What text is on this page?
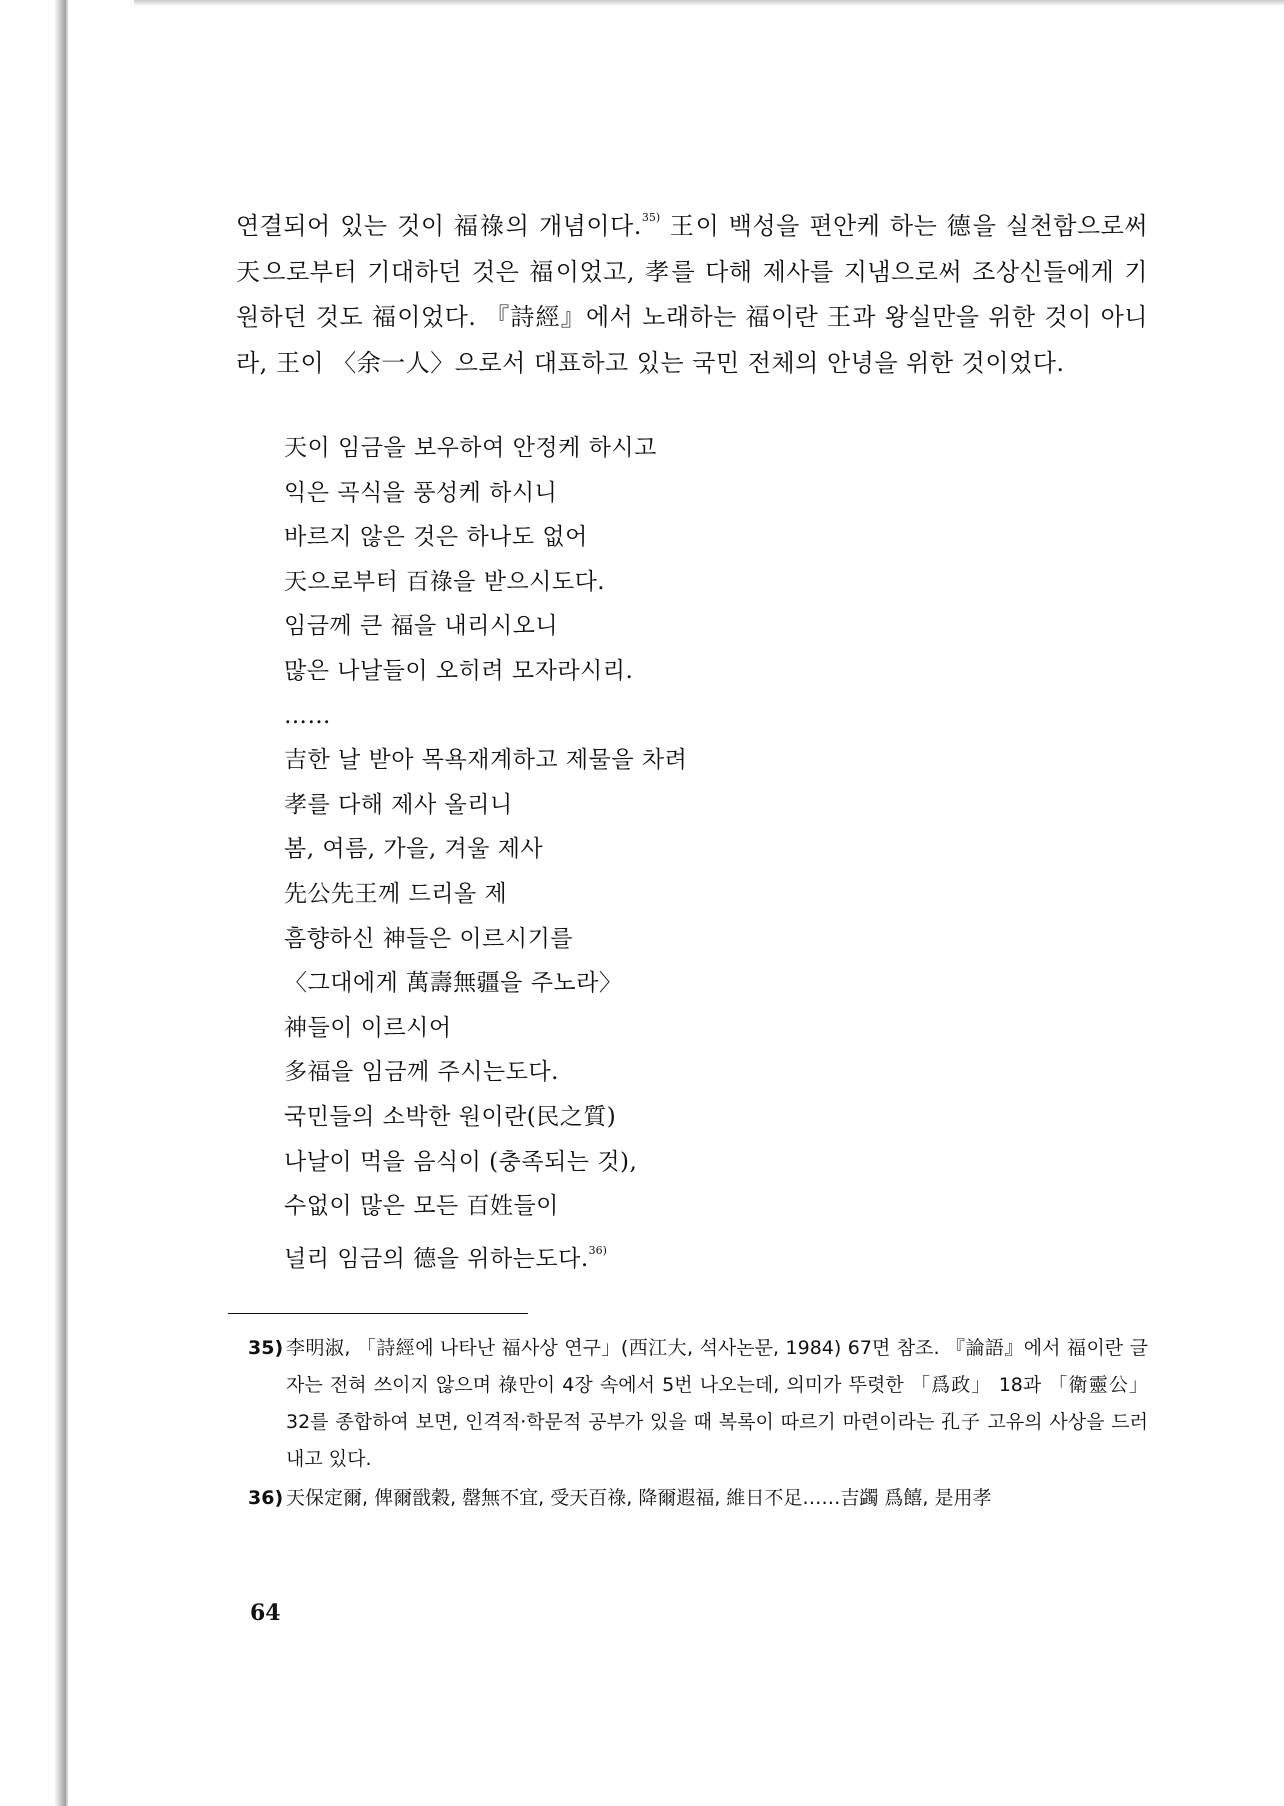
연결되어 있는 것이 福祿의 개념이다.$^{35)}$ 王이 백성을 편안케 하는 德을 실천함으로써 天으로부터 기대하던 것은 福이었고, 孝를 다해 제사를 지냄으로써 조상신들에게 기원하던 것도 福이었다. 『詩經』에서 노래하는 福이란 王과 왕실만을 위한 것이 아니라, 王이 〈余一人〉으로서 대표하고 있는 국민 전체의 안녕을 위한 것이었다.

天이 임금을 보우하여 안정케 하시고
익은 곡식을 풍성케 하시니
바르지 않은 것은 하나도 없어
天으로부터 百祿을 받으시도다.
임금께 큰 福을 내리시오니
많은 나날들이 오히려 모자라시리.
……
吉한 날 받아 목욕재계하고 제물을 차려
孝를 다해 제사 올리니
봄, 여름, 가을, 겨울 제사
先公先王께 드리올 제
흠향하신 神들은 이르시기를
〈그대에게 萬壽無疆을 주노라〉
神들이 이르시어
多福을 임금께 주시는도다.
국민들의 소박한 원이란(民之質)
나날이 먹을 음식이 (충족되는 것),
수없이 많은 모든 百姓들이
널리 임금의 德을 위하는도다.$^{36)}$
35) 李明淑, 「詩經에 나타난 福사상 연구」(西江大, 석사논문, 1984) 67면 참조. 『論語』에서 福이란 글자는 전혀 쓰이지 않으며 祿만이 4장 속에서 5번 나오는데, 의미가 뚜렷한 「爲政」 18과 「衛靈公」 32를 종합하여 보면, 인격적·학문적 공부가 있을 때 복록이 따르기 마련이라는 孔子 고유의 사상을 드러내고 있다.
36) 天保定爾, 俾爾戩穀, 罄無不宜, 受天百祿, 降爾遐福, 維日不足……吉蠲 爲饎, 是用孝
64
